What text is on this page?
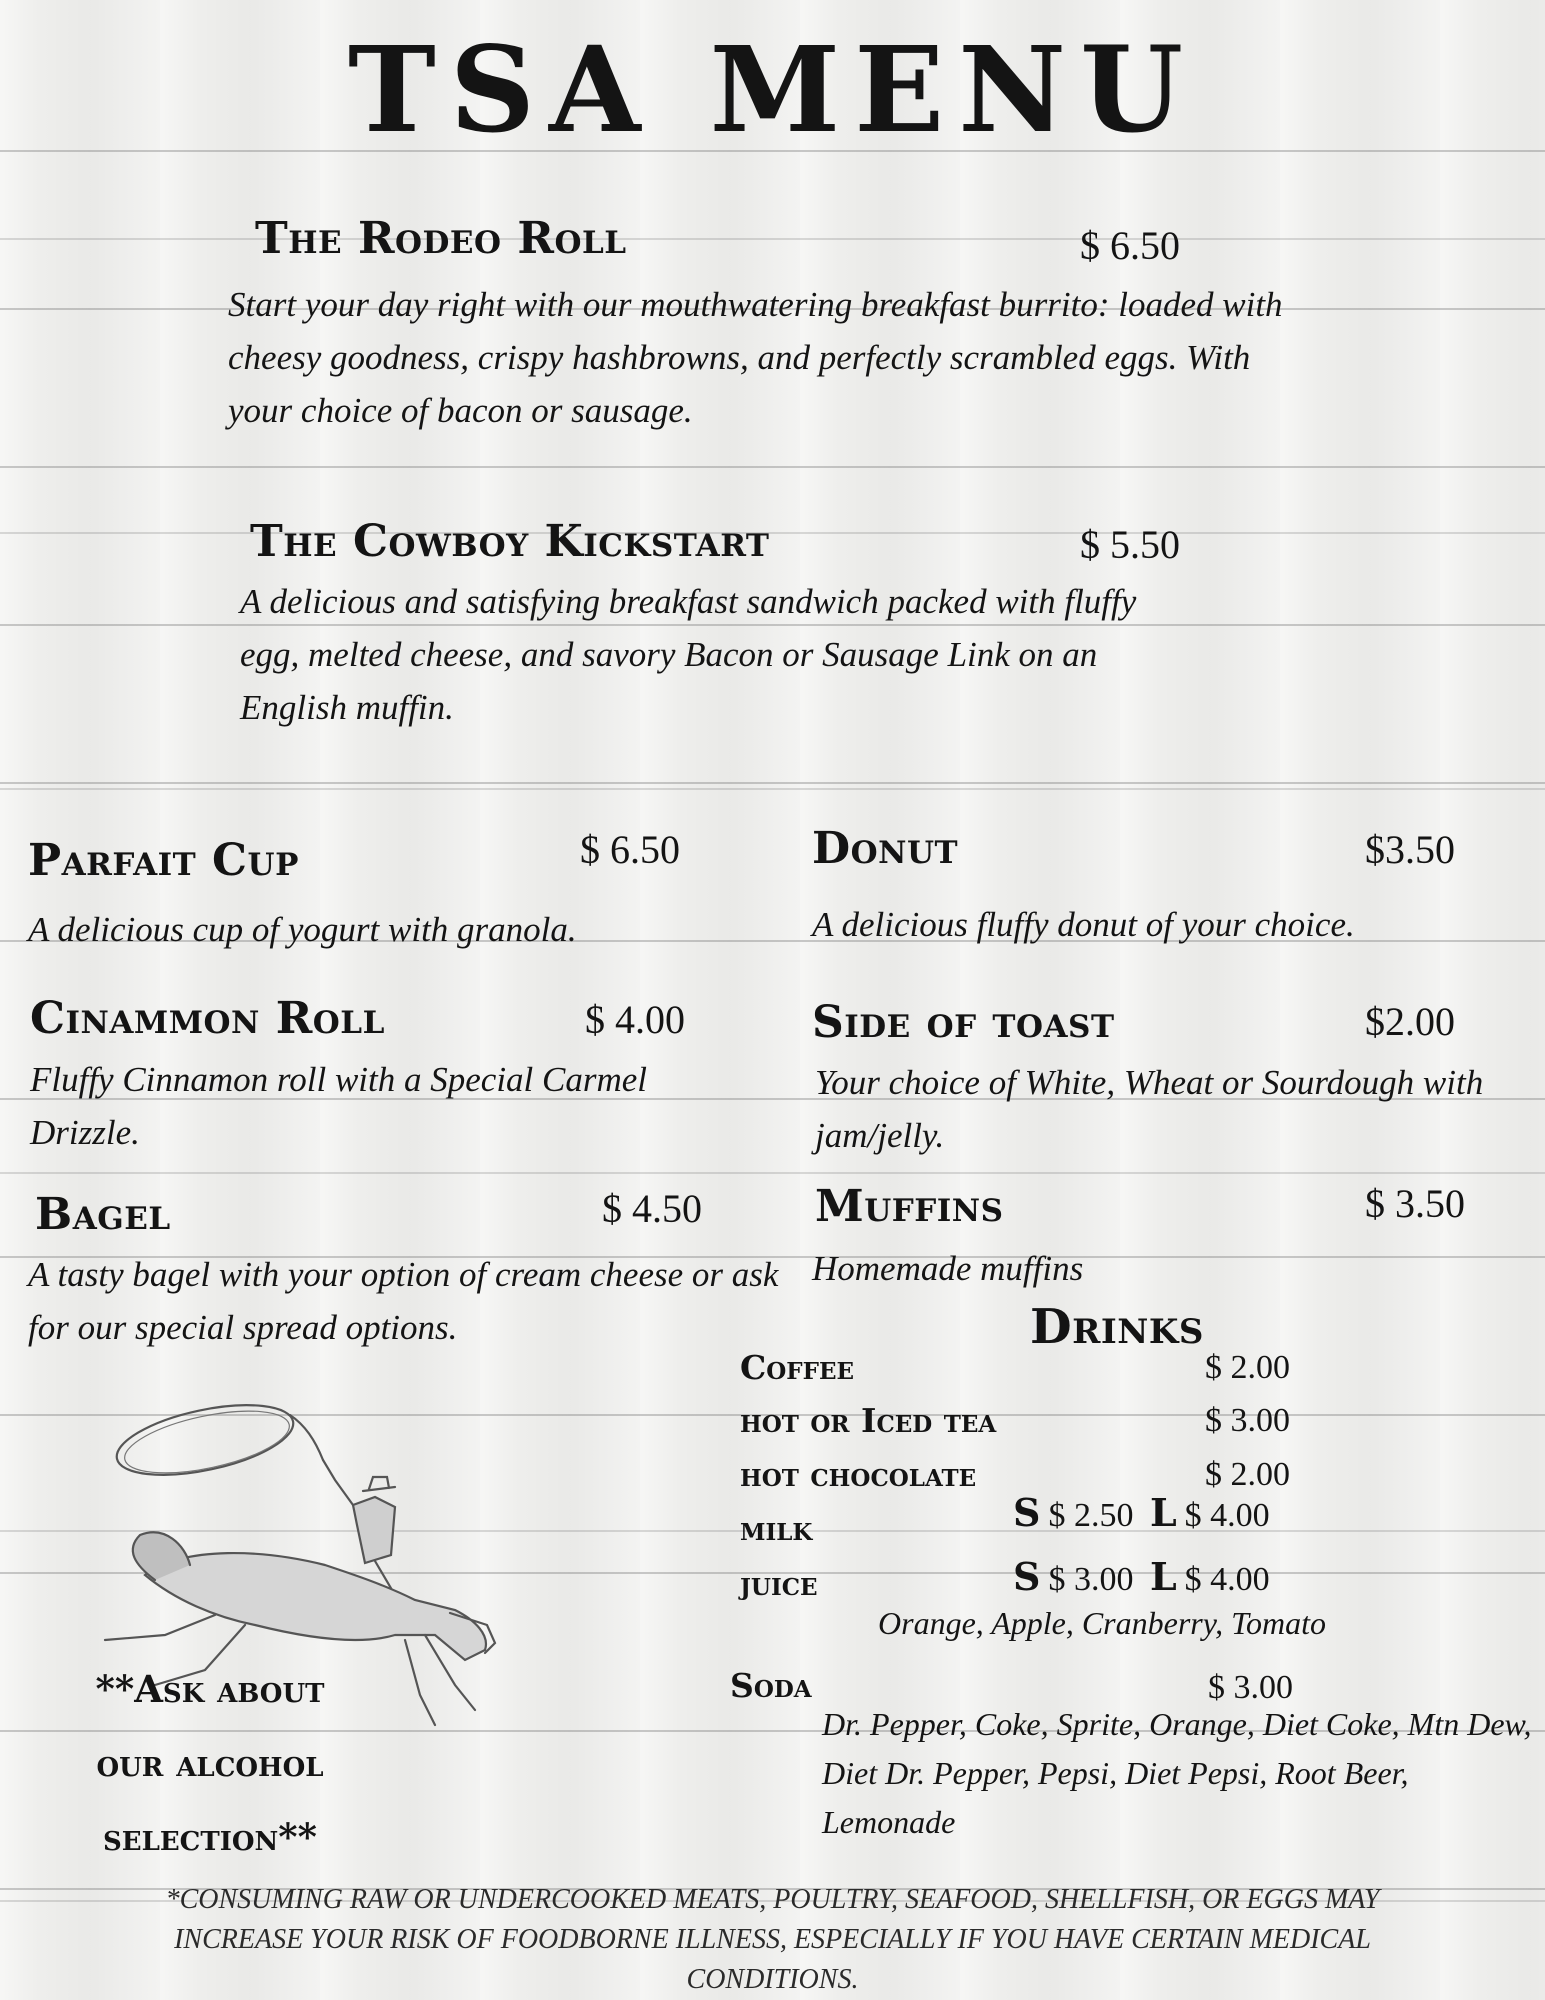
TSA MENU
The Rodeo Roll	$ 6.50
Start your day right with our mouthwatering breakfast burrito: loaded with cheesy goodness, crispy hashbrowns, and perfectly scrambled eggs. With your choice of bacon or sausage.
The Cowboy Kickstart	$ 5.50
A delicious and satisfying breakfast sandwich packed with fluffy egg, melted cheese, and savory Bacon or Sausage Link on an English muffin.
Parfait Cup	$ 6.50
A delicious cup of yogurt with granola.
Cinammon Roll	$ 4.00
Fluffy Cinnamon roll with a Special Carmel Drizzle.
Bagel	$ 4.50
A tasty bagel with your option of cream cheese or ask for our special spread options.
Donut	$3.50
A delicious fluffy donut of your choice.
Side of toast	$2.00
Your choice of White, Wheat or Sourdough with jam/jelly.
Muffins	$ 3.50
Homemade muffins
Drinks
Coffee	$ 2.00
hot or Iced tea	$ 3.00
hot chocolate	$ 2.00
milk	S $ 2.50 L $ 4.00
juice	S $ 3.00 L $ 4.00
Orange, Apple, Cranberry, Tomato
Soda	$ 3.00
Dr. Pepper, Coke, Sprite, Orange, Diet Coke, Mtn Dew, Diet Dr. Pepper, Pepsi, Diet Pepsi, Root Beer, Lemonade
**Ask about
our alcohol
selection**
*CONSUMING RAW OR UNDERCOOKED MEATS, POULTRY, SEAFOOD, SHELLFISH, OR EGGS MAY INCREASE YOUR RISK OF FOODBORNE ILLNESS, ESPECIALLY IF YOU HAVE CERTAIN MEDICAL CONDITIONS.
